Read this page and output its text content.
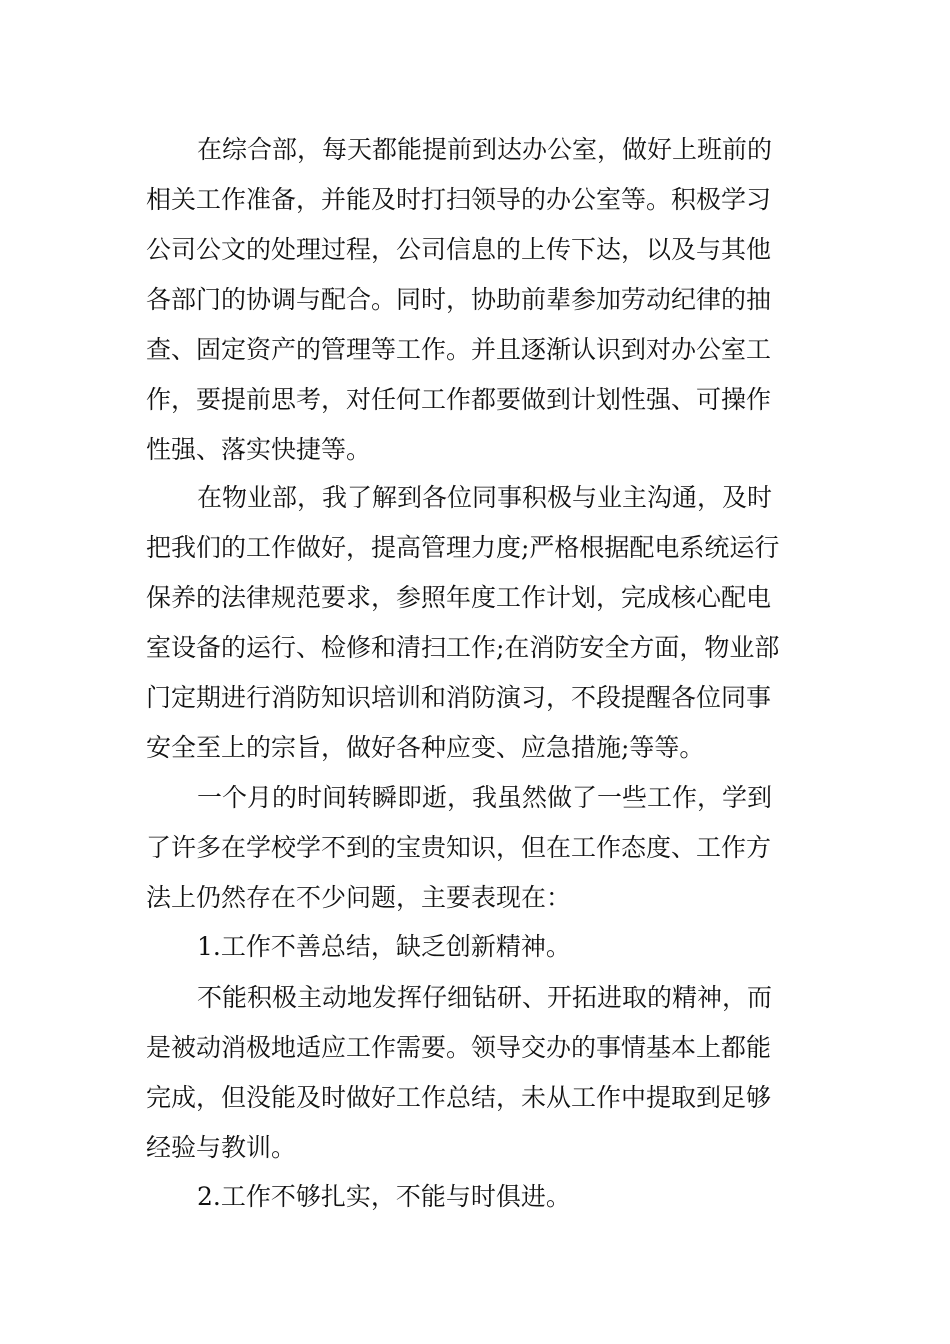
在综合部，每天都能提前到达办公室，做好上班前的

相关工作准备，并能及时打扫领导的办公室等。积极学习

公司公文的处理过程，公司信息的上传下达，以及与其他

各部门的协调与配合。同时，协助前辈参加劳动纪律的抽

查、固定资产的管理等工作。并且逐渐认识到对办公室工

作，要提前思考，对任何工作都要做到计划性强、可操作

性强、落实快捷等。

在物业部，我了解到各位同事积极与业主沟通，及时

把我们的工作做好，提高管理力度;严格根据配电系统运行

保养的法律规范要求，参照年度工作计划，完成核心配电

室设备的运行、检修和清扫工作;在消防安全方面，物业部

门定期进行消防知识培训和消防演习，不段提醒各位同事

安全至上的宗旨，做好各种应变、应急措施;等等。

一个月的时间转瞬即逝，我虽然做了一些工作，学到

了许多在学校学不到的宝贵知识，但在工作态度、工作方

法上仍然存在不少问题，主要表现在：

1.工作不善总结，缺乏创新精神。

不能积极主动地发挥仔细钻研、开拓进取的精神，而

是被动消极地适应工作需要。领导交办的事情基本上都能

完成，但没能及时做好工作总结，未从工作中提取到足够

经验与教训。

2.工作不够扎实，不能与时俱进。
